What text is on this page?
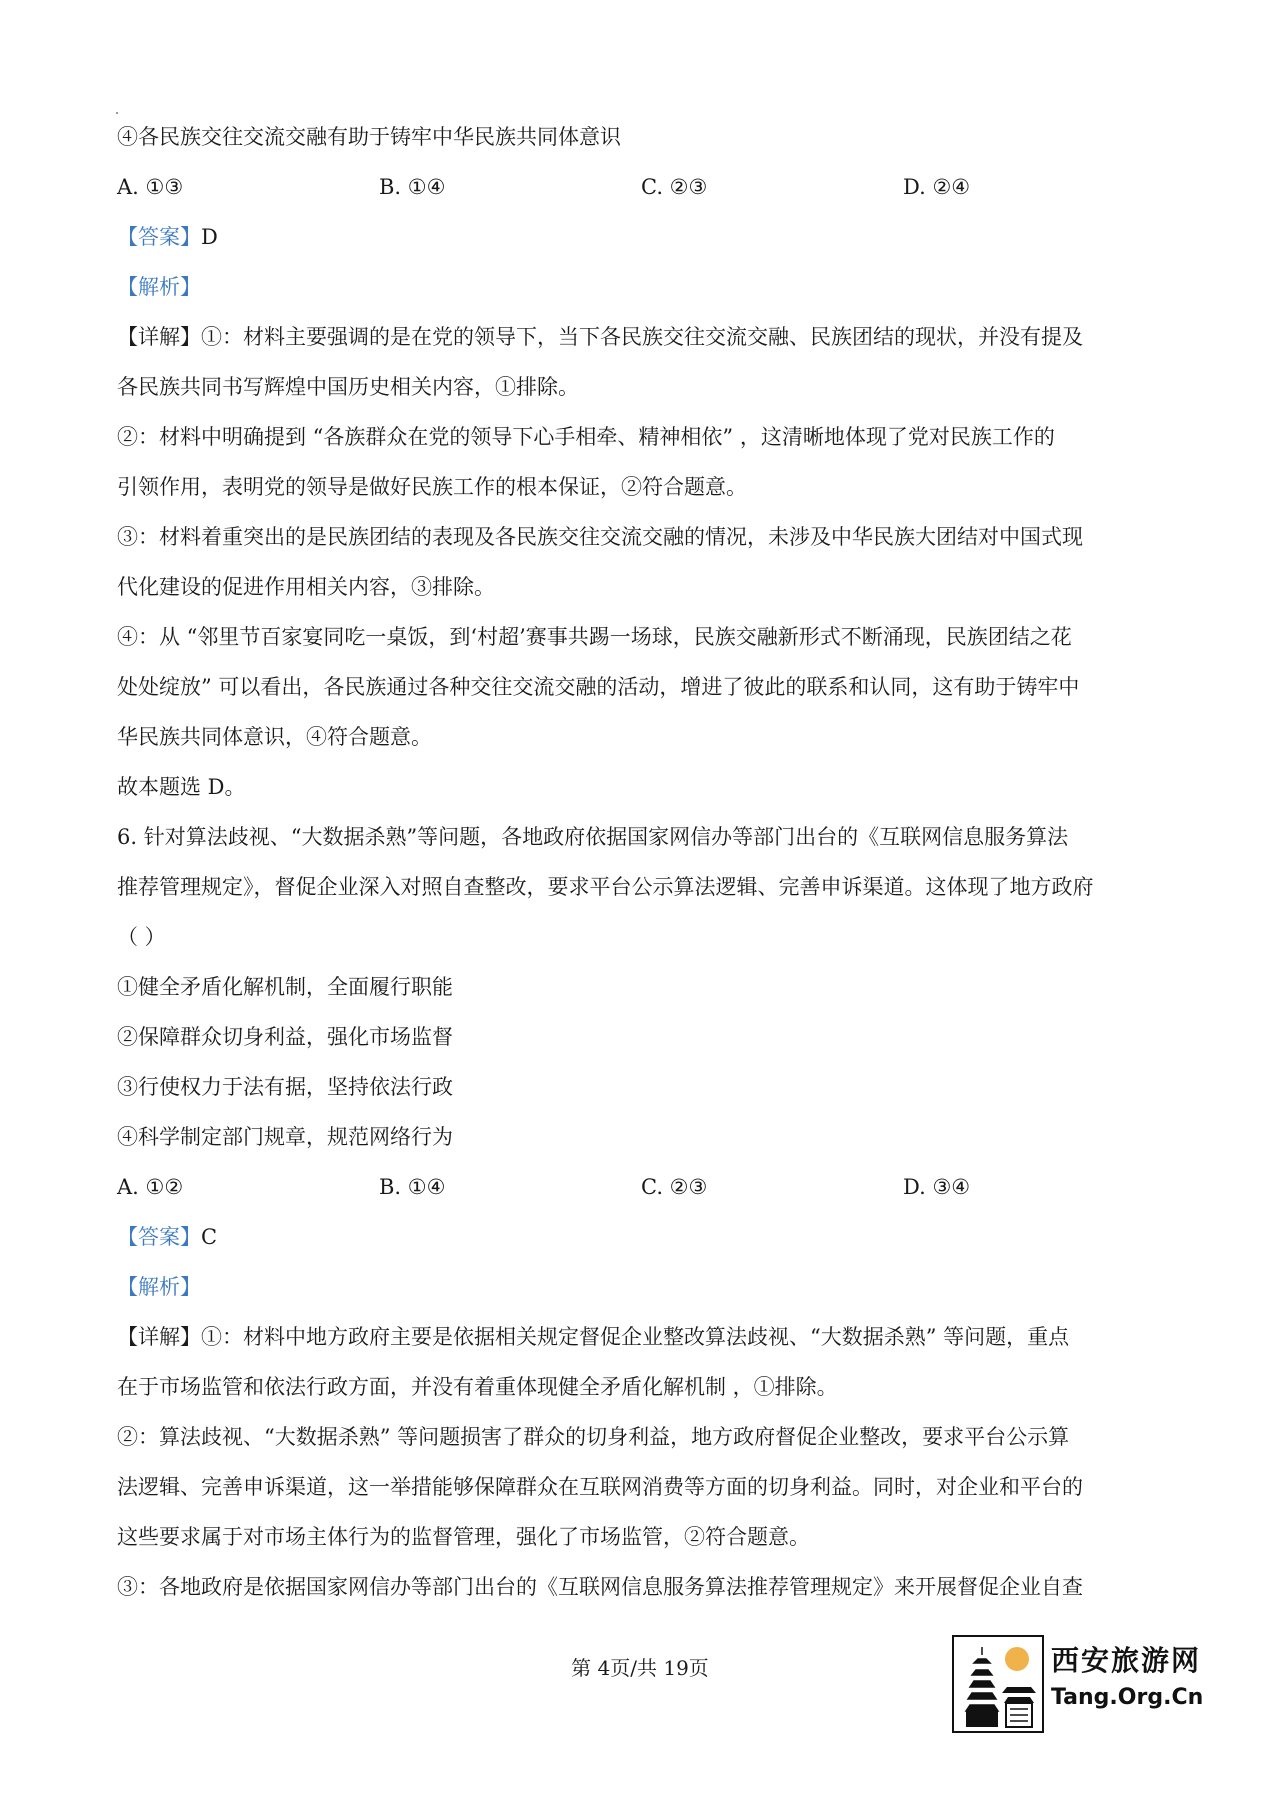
④各民族交往交流交融有助于铸牢中华民族共同体意识
A. ①③	B. ①④	C. ②③	D. ②④
【答案】D
【解析】
【详解】①：材料主要强调的是在党的领导下，当下各民族交往交流交融、民族团结的现状，并没有提及
各民族共同书写辉煌中国历史相关内容，①排除。
②：材料中明确提到 “各族群众在党的领导下心手相牵、精神相依” ，这清晰地体现了党对民族工作的
引领作用，表明党的领导是做好民族工作的根本保证，②符合题意。
③：材料着重突出的是民族团结的表现及各民族交往交流交融的情况，未涉及中华民族大团结对中国式现
代化建设的促进作用相关内容，③排除。
④：从 “邻里节百家宴同吃一桌饭，到‘村超’赛事共踢一场球，民族交融新形式不断涌现，民族团结之花
处处绽放” 可以看出，各民族通过各种交往交流交融的活动，增进了彼此的联系和认同，这有助于铸牢中
华民族共同体意识，④符合题意。
故本题选 D。
6. 针对算法歧视、“大数据杀熟”等问题，各地政府依据国家网信办等部门出台的《互联网信息服务算法
推荐管理规定》，督促企业深入对照自查整改，要求平台公示算法逻辑、完善申诉渠道。这体现了地方政府
（ ）
①健全矛盾化解机制，全面履行职能
②保障群众切身利益，强化市场监督
③行使权力于法有据，坚持依法行政
④科学制定部门规章，规范网络行为
A. ①②	B. ①④	C. ②③	D. ③④
【答案】C
【解析】
【详解】①：材料中地方政府主要是依据相关规定督促企业整改算法歧视、“大数据杀熟” 等问题，重点
在于市场监管和依法行政方面，并没有着重体现健全矛盾化解机制 ，①排除。
②：算法歧视、“大数据杀熟” 等问题损害了群众的切身利益，地方政府督促企业整改，要求平台公示算
法逻辑、完善申诉渠道，这一举措能够保障群众在互联网消费等方面的切身利益。同时，对企业和平台的
这些要求属于对市场主体行为的监督管理，强化了市场监管，②符合题意。
③：各地政府是依据国家网信办等部门出台的《互联网信息服务算法推荐管理规定》来开展督促企业自查
第 4页/共 19页	西安旅游网
Tang.Org.Cn
